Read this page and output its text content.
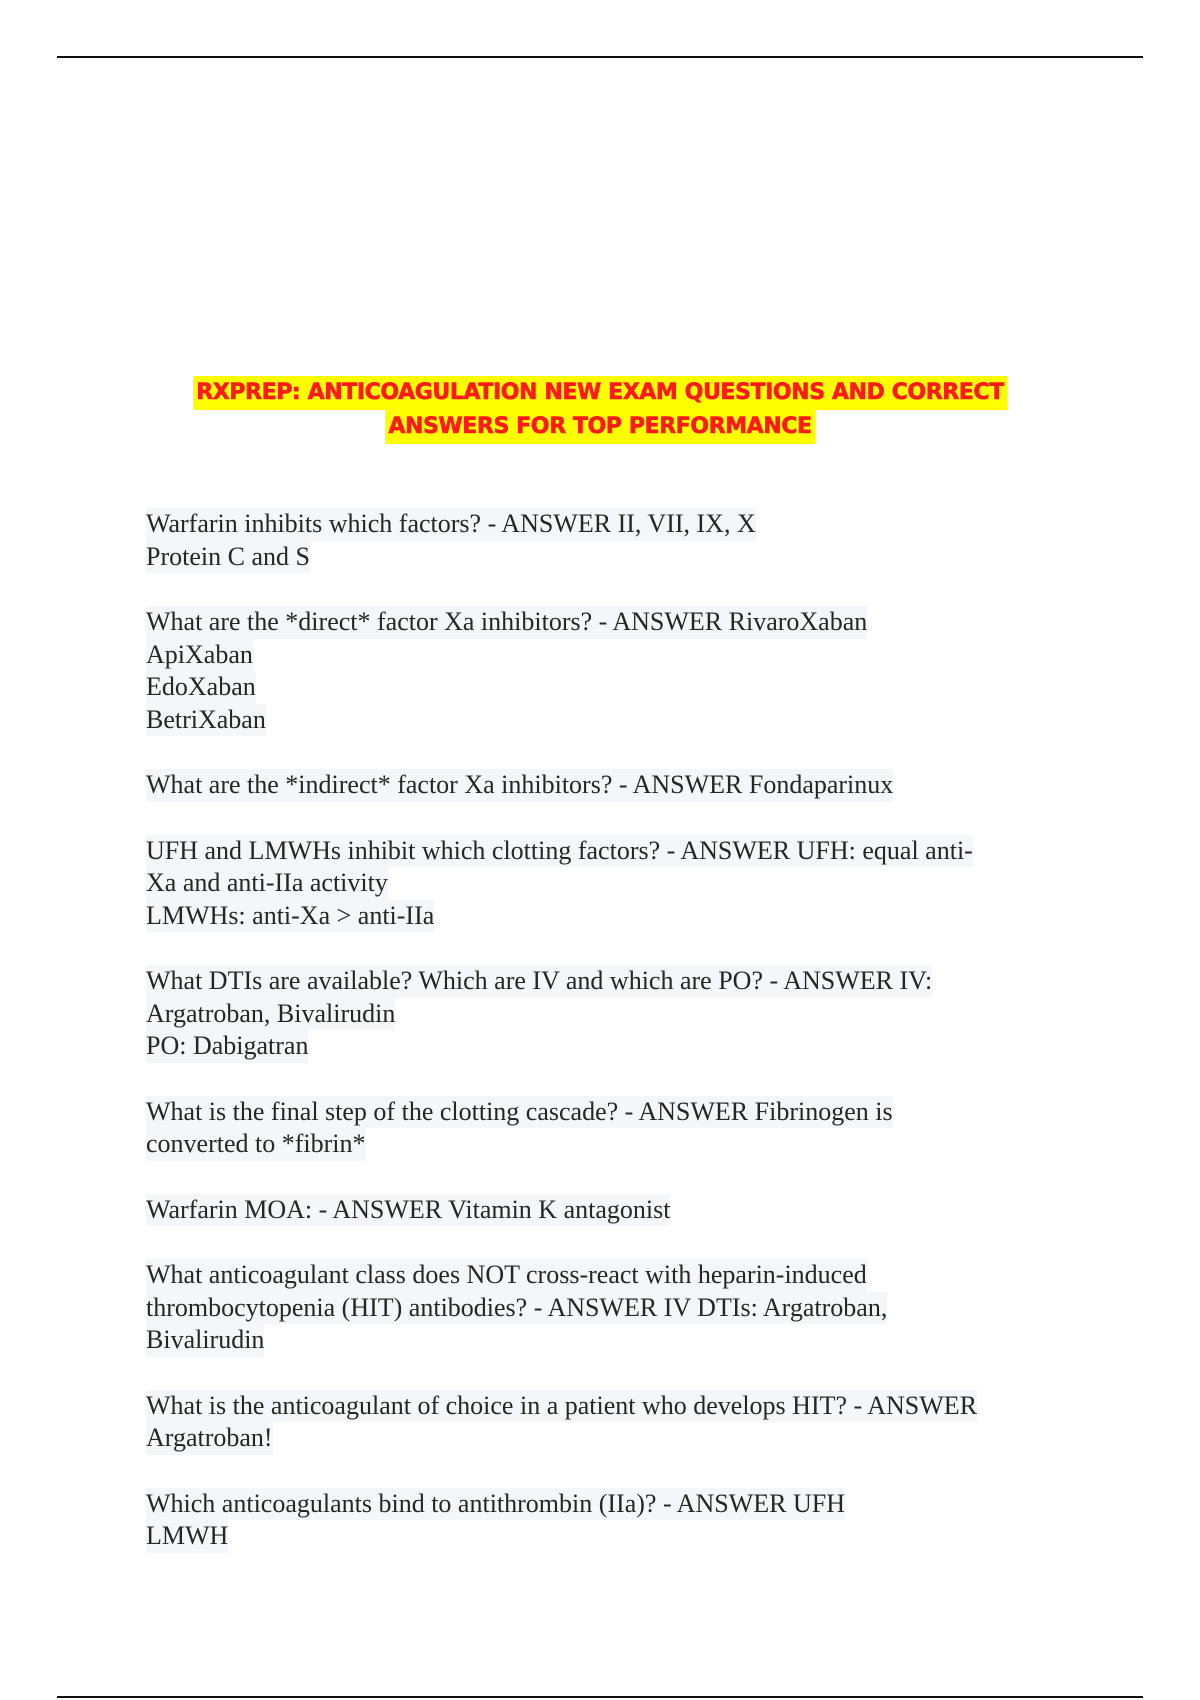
RXPREP: ANTICOAGULATION NEW EXAM QUESTIONS AND CORRECT
ANSWERS FOR TOP PERFORMANCE
Warfarin inhibits which factors? - ANSWER II, VII, IX, X
Protein C and S
What are the *direct* factor Xa inhibitors? - ANSWER RivaroXaban
ApiXaban
EdoXaban
BetriXaban
What are the *indirect* factor Xa inhibitors? - ANSWER Fondaparinux
UFH and LMWHs inhibit which clotting factors? - ANSWER UFH: equal anti-
Xa and anti-IIa activity
LMWHs: anti-Xa > anti-IIa
What DTIs are available? Which are IV and which are PO? - ANSWER IV:
Argatroban, Bivalirudin
PO: Dabigatran
What is the final step of the clotting cascade? - ANSWER Fibrinogen is
converted to *fibrin*
Warfarin MOA: - ANSWER Vitamin K antagonist
What anticoagulant class does NOT cross-react with heparin-induced
thrombocytopenia (HIT) antibodies? - ANSWER IV DTIs: Argatroban,
Bivalirudin
What is the anticoagulant of choice in a patient who develops HIT? - ANSWER
Argatroban!
Which anticoagulants bind to antithrombin (IIa)? - ANSWER UFH
LMWH
